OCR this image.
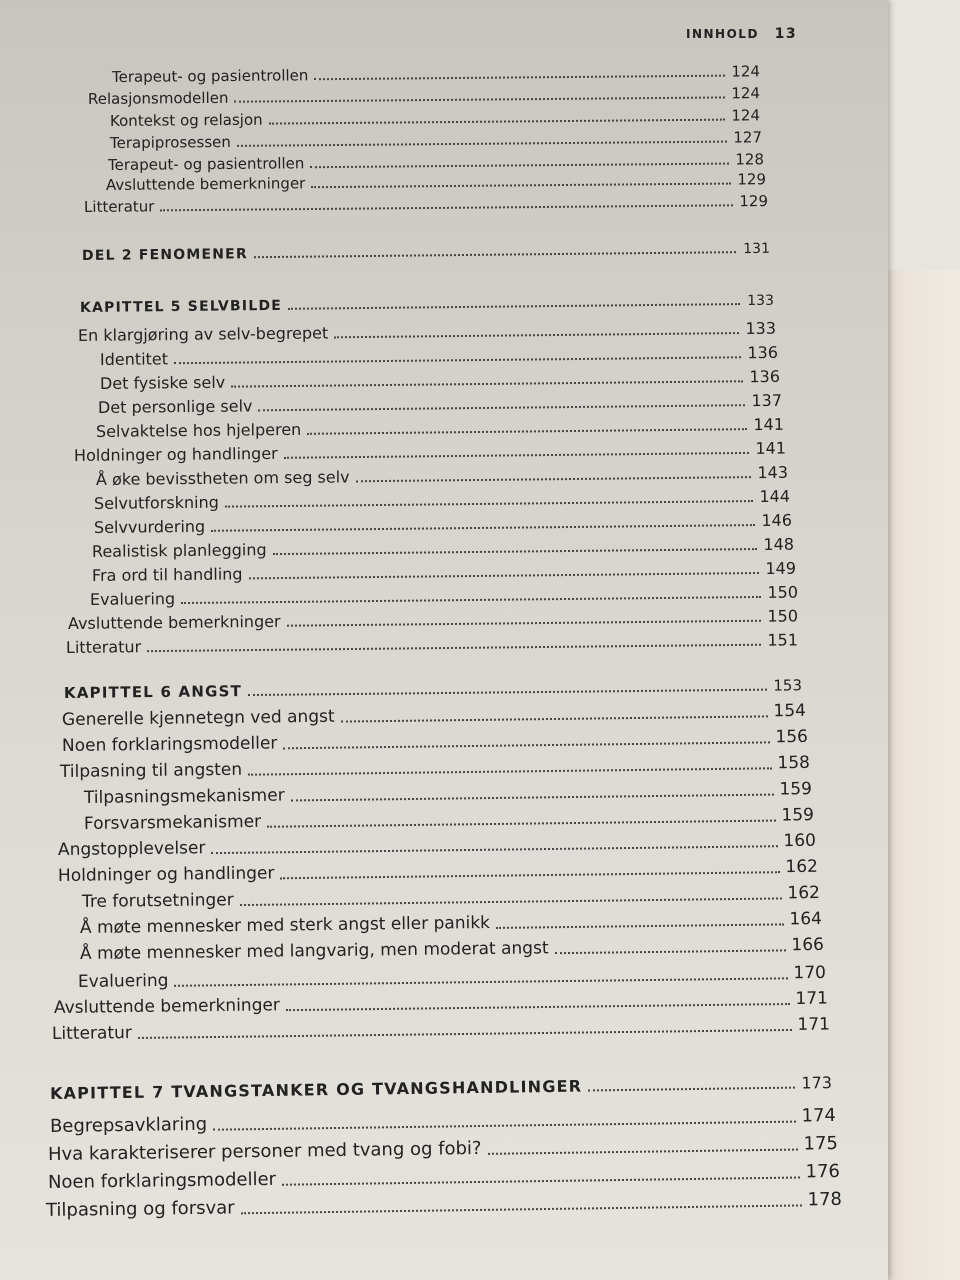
INNHOLD 13
Terapeut- og pasientrollen	124
Relasjonsmodellen	124
Kontekst og relasjon	124
Terapiprosessen	127
Terapeut- og pasientrollen	128
Avsluttende bemerkninger	129
Litteratur	129
DEL 2 FENOMENER	131
KAPITTEL 5 SELVBILDE	133
En klargjøring av selv-begrepet	133
Identitet	136
Det fysiske selv	136
Det personlige selv	137
Selvaktelse hos hjelperen	141
Holdninger og handlinger	141
Å øke bevisstheten om seg selv	143
Selvutforskning	144
Selvvurdering	146
Realistisk planlegging	148
Fra ord til handling	149
Evaluering	150
Avsluttende bemerkninger	150
Litteratur	151
KAPITTEL 6 ANGST	153
Generelle kjennetegn ved angst	154
Noen forklaringsmodeller	156
Tilpasning til angsten	158
Tilpasningsmekanismer	159
Forsvarsmekanismer	159
Angstopplevelser	160
Holdninger og handlinger	162
Tre forutsetninger	162
Å møte mennesker med sterk angst eller panikk	164
Å møte mennesker med langvarig, men moderat angst	166
Evaluering	170
Avsluttende bemerkninger	171
Litteratur	171
KAPITTEL 7 TVANGSTANKER OG TVANGSHANDLINGER	173
Begrepsavklaring	174
Hva karakteriserer personer med tvang og fobi?	175
Noen forklaringsmodeller	176
Tilpasning og forsvar	178
